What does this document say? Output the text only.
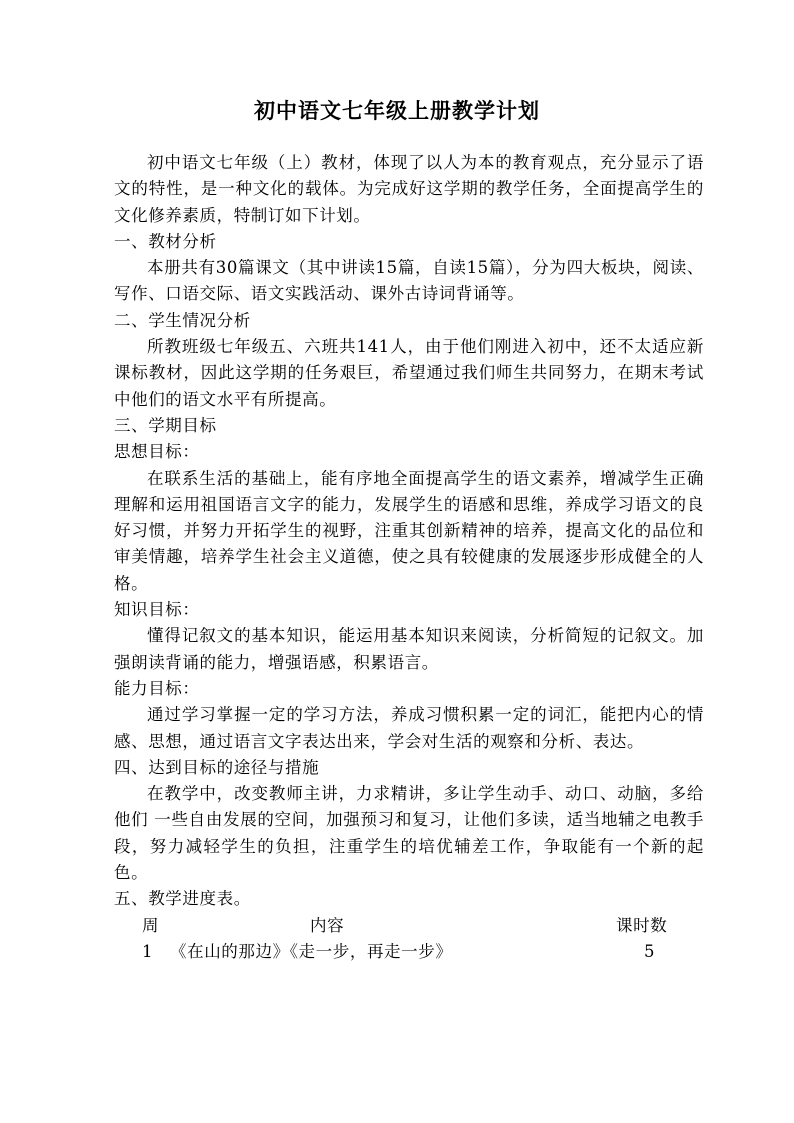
初中语文七年级上册教学计划

初中语文七年级（上）教材，体现了以人为本的教育观点，充分显示了语文的特性，是一种文化的载体。为完成好这学期的教学任务，全面提高学生的文化修养素质，特制订如下计划。

一、教材分析

本册共有30篇课文（其中讲读15篇，自读15篇），分为四大板块，阅读、写作、口语交际、语文实践活动、课外古诗词背诵等。

二、学生情况分析

所教班级七年级五、六班共141人，由于他们刚进入初中，还不太适应新课标教材，因此这学期的任务艰巨，希望通过我们师生共同努力，在期末考试中他们的语文水平有所提高。

三、学期目标

思想目标：

在联系生活的基础上，能有序地全面提高学生的语文素养，增减学生正确理解和运用祖国语言文字的能力，发展学生的语感和思维，养成学习语文的良好习惯，并努力开拓学生的视野，注重其创新精神的培养，提高文化的品位和审美情趣，培养学生社会主义道德，使之具有较健康的发展逐步形成健全的人格。

知识目标：

懂得记叙文的基本知识，能运用基本知识来阅读，分析简短的记叙文。加强朗读背诵的能力，增强语感，积累语言。

能力目标：

通过学习掌握一定的学习方法，养成习惯积累一定的词汇，能把内心的情感、思想，通过语言文字表达出来，学会对生活的观察和分析、表达。

四、达到目标的途径与措施

在教学中，改变教师主讲，力求精讲，多让学生动手、动口、动脑，多给他们 一些自由发展的空间，加强预习和复习，让他们多读，适当地辅之电教手段，努力减轻学生的负担，注重学生的培优辅差工作，争取能有一个新的起色。

五、教学进度表。

周	内容	课时数
1 《在山的那边》《走一步，再走一步》	5
